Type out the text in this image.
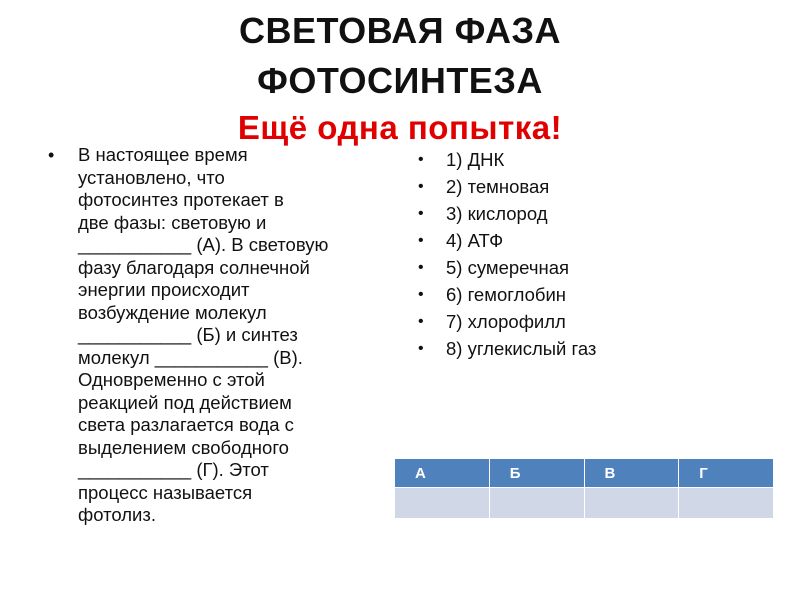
СВЕТОВАЯ ФАЗА
ФОТОСИНТЕЗА
Ещё одна попытка!
• В настоящее время
установлено, что
фотосинтез протекает в
две фазы: световую и
___________ (А). В световую
фазу благодаря солнечной
энергии происходит
возбуждение молекул
___________ (Б) и синтез
молекул ___________ (В).
Одновременно с этой
реакцией под действием
света разлагается вода с
выделением свободного
___________ (Г). Этот
процесс называется
фотолиз.
• 1) ДНК
• 2) темновая
• 3) кислород
• 4) АТФ
• 5) сумеречная
• 6) гемоглобин
• 7) хлорофилл
• 8) углекислый газ
А	Б	В	Г
